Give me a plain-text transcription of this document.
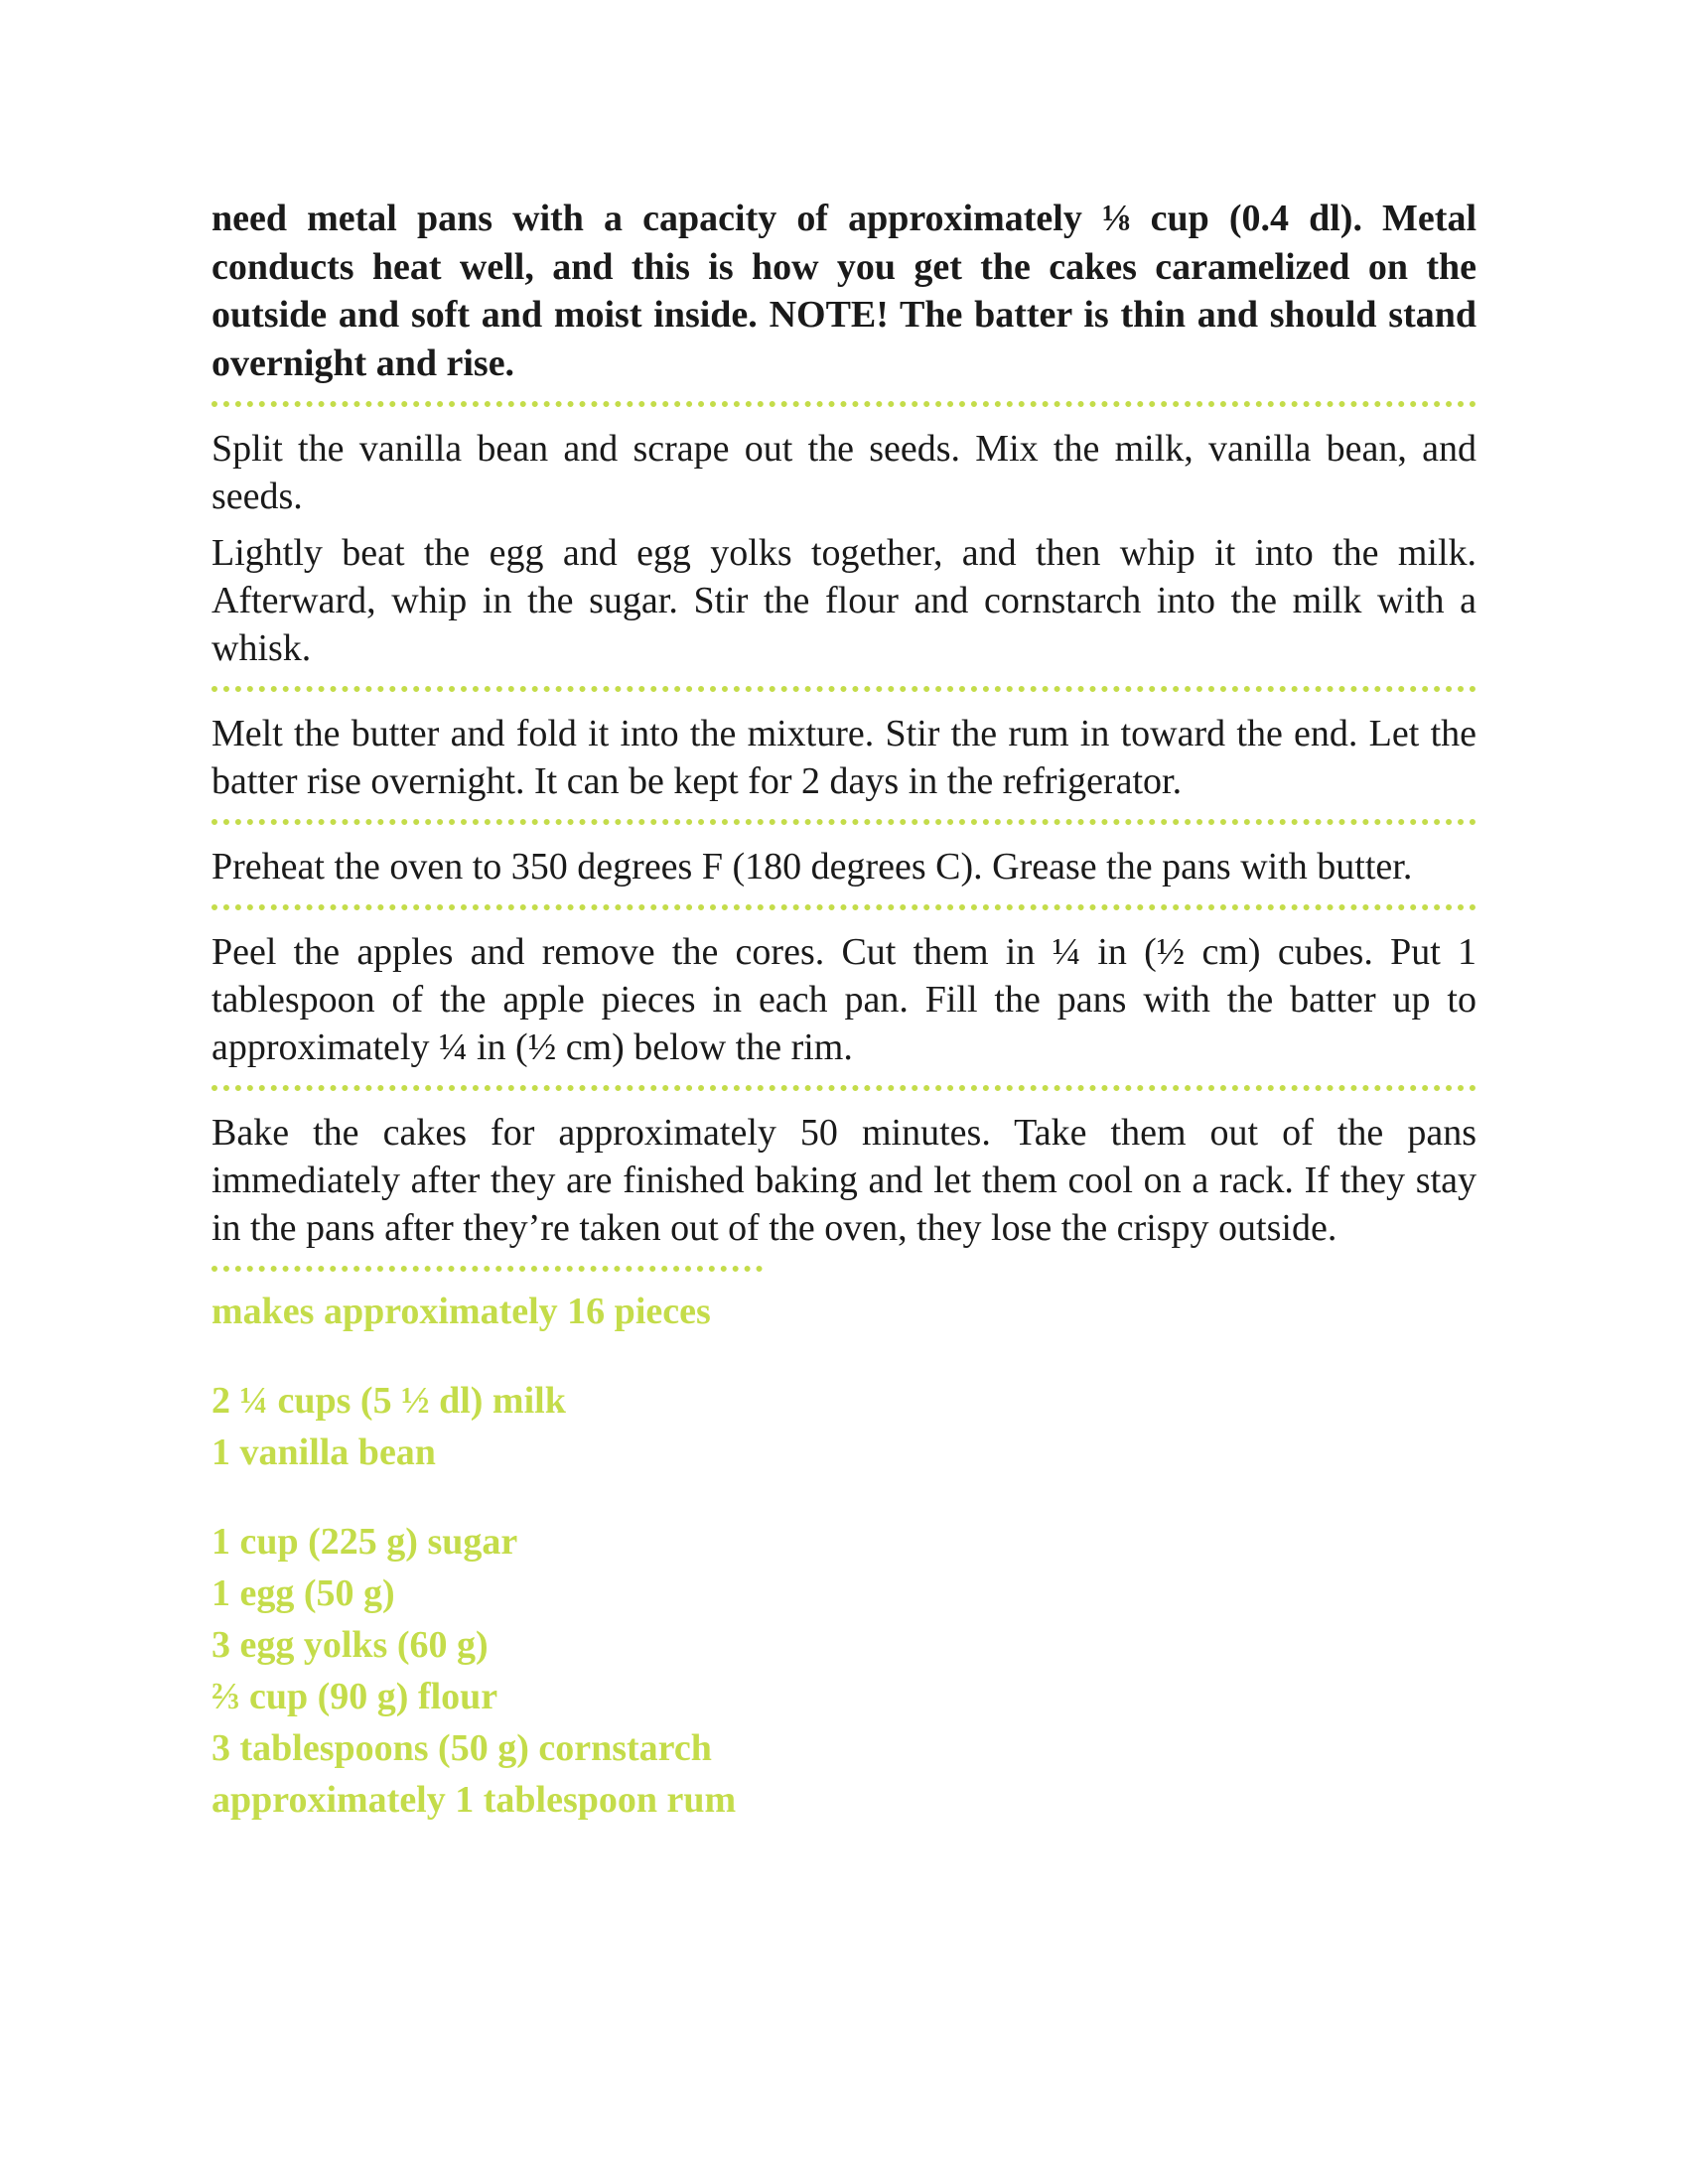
need metal pans with a capacity of approximately ⅛ cup (0.4 dl). Metal conducts heat well, and this is how you get the cakes caramelized on the outside and soft and moist inside. NOTE! The batter is thin and should stand overnight and rise.

Split the vanilla bean and scrape out the seeds. Mix the milk, vanilla bean, and seeds.

Lightly beat the egg and egg yolks together, and then whip it into the milk. Afterward, whip in the sugar. Stir the flour and cornstarch into the milk with a whisk.

Melt the butter and fold it into the mixture. Stir the rum in toward the end. Let the batter rise overnight. It can be kept for 2 days in the refrigerator.

Preheat the oven to 350 degrees F (180 degrees C). Grease the pans with butter.

Peel the apples and remove the cores. Cut them in ¼ in (½ cm) cubes. Put 1 tablespoon of the apple pieces in each pan. Fill the pans with the batter up to approximately ¼ in (½ cm) below the rim.

Bake the cakes for approximately 50 minutes. Take them out of the pans immediately after they are finished baking and let them cool on a rack. If they stay in the pans after they’re taken out of the oven, they lose the crispy outside.

makes approximately 16 pieces

2 ¼ cups (5 ½ dl) milk

1 vanilla bean

1 cup (225 g) sugar

1 egg (50 g)

3 egg yolks (60 g)

⅔ cup (90 g) flour

3 tablespoons (50 g) cornstarch

approximately 1 tablespoon rum
